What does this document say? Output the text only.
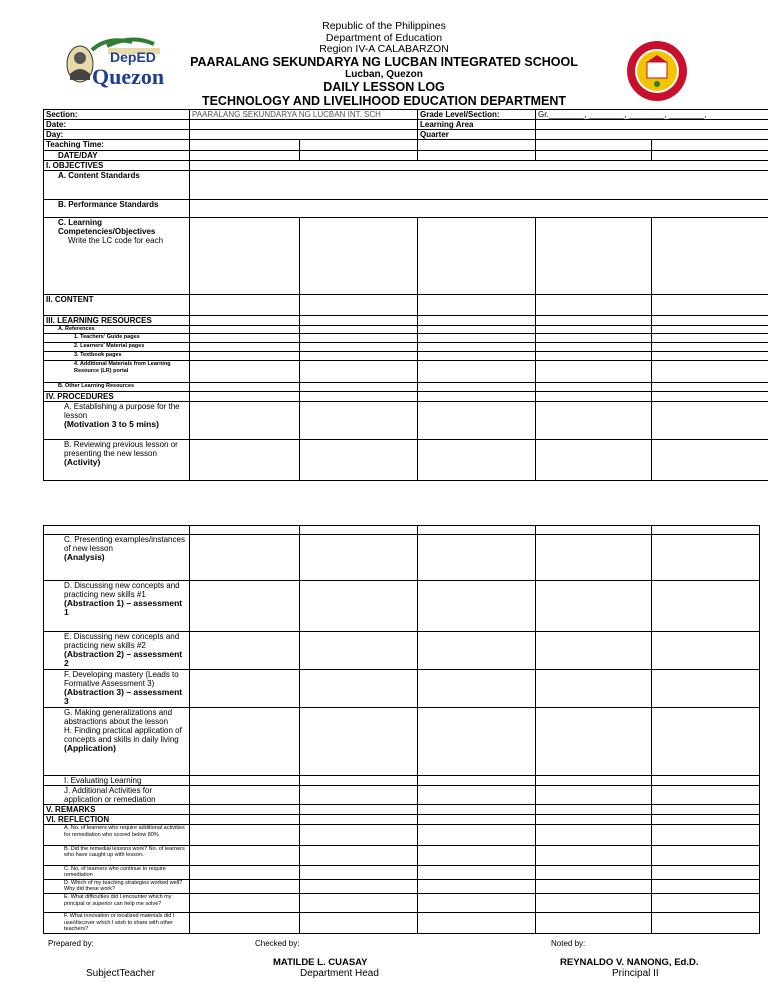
Republic of the Philippines
Department of Education
Region IV-A CALABARZON
PAARALANG SEKUNDARYA NG LUCBAN INTEGRATED SCHOOL
Lucban, Quezon
DAILY LESSON LOG
TECHNOLOGY AND LIVELIHOOD EDUCATION DEPARTMENT
DepED
Quezon
Section:	PAARALANG SEKUNDARYA NG LUCBAN INT. SCH		Grade Level/Section:	Gr.________, ________, ________, ________,	
Date:			Learning Area		
Day:			Quarter		
Teaching Time:					
DATE/DAY					
I. OBJECTIVES					
A. Content Standards					
B. Performance Standards					

C. Learning Competencies/Objectives
Write the LC code for each					

II. CONTENT					
III. LEARNING RESOURCES					
A. References					
1. Teachers' Guide pages					
2. Learners' Material pages					
3. Textbook pages					
4. Additional Materials from Learning Resource (LR) portal					
B. Other Learning Resources					
IV. PROCEDURES					

A. Establishing a purpose for the lesson
(Motivation 3 to 5 mins)					

B. Reviewing previous lesson or presenting the new lesson
(Activity)					

C. Presenting examples/instances of new lesson
(Analysis)					

D. Discussing new concepts and practicing new skills #1
(Abstraction 1) – assessment 1					

E. Discussing new concepts and practicing new skills #2
(Abstraction 2) – assessment 2					

F. Developing mastery (Leads to Formative Assessment 3)
(Abstraction 3) – assessment 3					

G. Making generalizations and abstractions about the lesson
H. Finding practical application of concepts and skills in daily living
(Application)					

I. Evaluating Learning					
J. Additional Activities for application or remediation					
V. REMARKS					
VI. REFLECTION					
A. No. of learners who require additional activities for remediation who scored below 80%					
B. Did the remedial lessons work? No. of learners who have caught up with lesson.					
C. No. of learners who continue to require remediation					
D. Which of my teaching strategies worked well? Why did these work?					
E. What difficulties did I encounter which my principal or superior can help me solve?					
F. What innovation or localized materials did I use/discover which I wish to share with other teachers?					
Prepared by:	Checked by:	Noted by:
MATILDE L. CUASAY
Department Head
REYNALDO V. NANONG, Ed.D.
Principal II
SubjectTeacher
